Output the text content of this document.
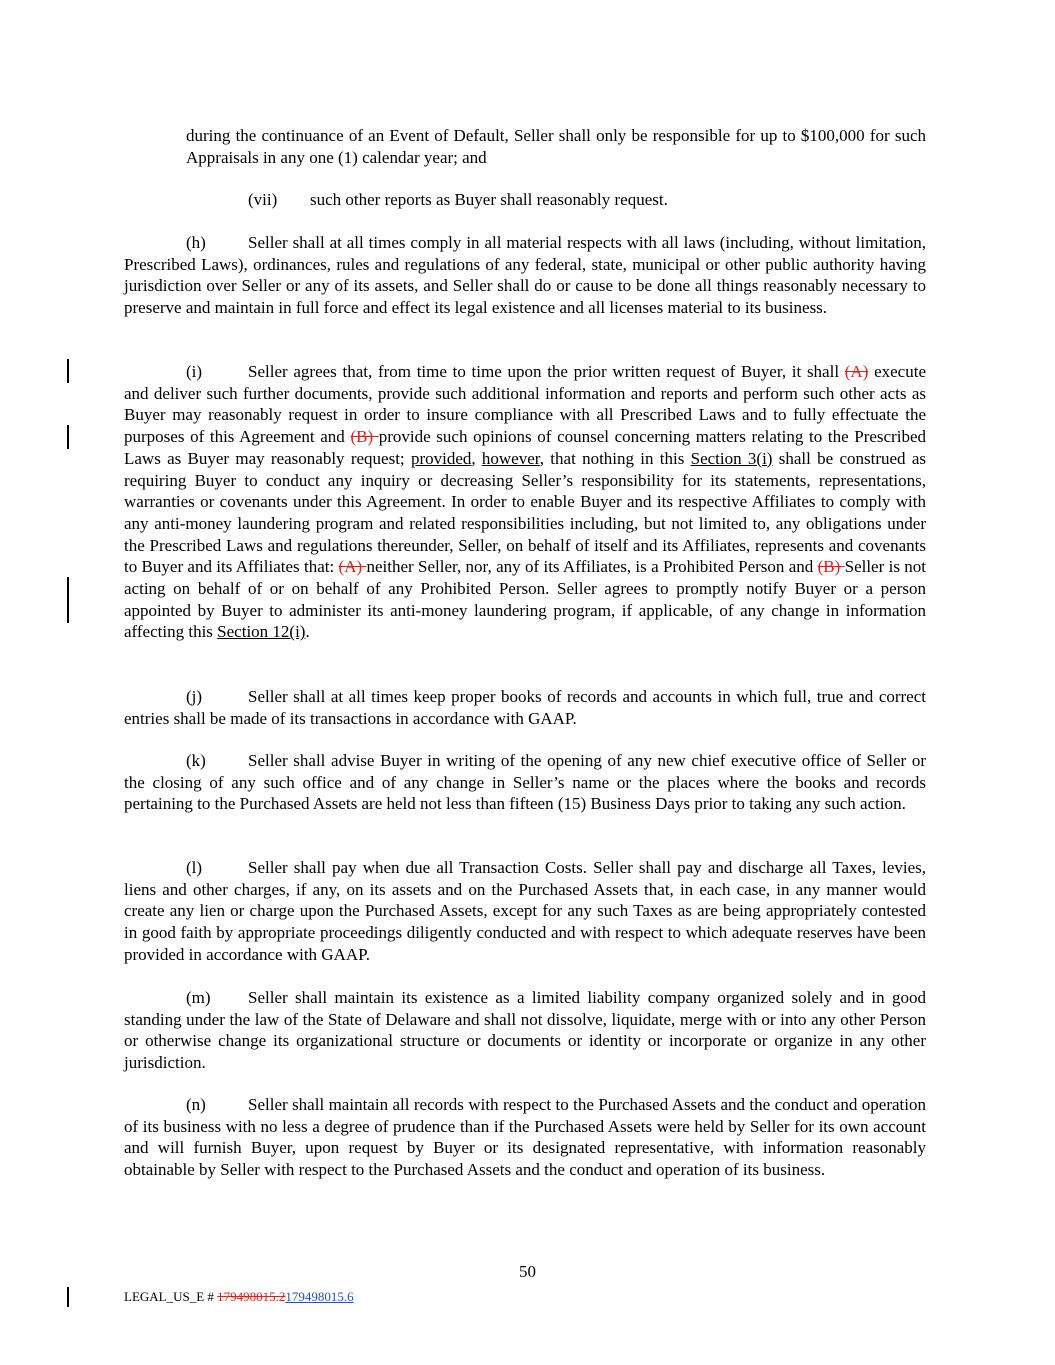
during the continuance of an Event of Default, Seller shall only be responsible for up to $100,000 for such Appraisals in any one (1) calendar year; and

(vii) such other reports as Buyer shall reasonably request.

(h) Seller shall at all times comply in all material respects with all laws (including, without limitation, Prescribed Laws), ordinances, rules and regulations of any federal, state, municipal or other public authority having jurisdiction over Seller or any of its assets, and Seller shall do or cause to be done all things reasonably necessary to preserve and maintain in full force and effect its legal existence and all licenses material to its business.

(i)	Seller agrees that, from time to time upon the prior written request of Buyer, it shall (A) execute and deliver such further documents, provide such additional information and reports and perform such other acts as Buyer may reasonably request in order to insure compliance with all Prescribed Laws and to fully effectuate the purposes of this Agreement and (B) provide such opinions of counsel concerning matters relating to the Prescribed Laws as Buyer may reasonably request; provided, however, that nothing in this Section 3(i) shall be construed as requiring Buyer to conduct any inquiry or decreasing Seller’s responsibility for its statements, representations, warranties or covenants under this Agreement. In order to enable Buyer and its respective Affiliates to comply with any anti-money laundering program and related responsibilities including, but not limited to, any obligations under the Prescribed Laws and regulations thereunder, Seller, on behalf of itself and its Affiliates, represents and covenants to Buyer and its Affiliates that: (A) neither Seller, nor, any of its Affiliates, is a Prohibited Person and (B) Seller is not acting on behalf of or on behalf of any Prohibited Person. Seller agrees to promptly notify Buyer or a person appointed by Buyer to administer its anti-money laundering program, if applicable, of any change in information affecting this Section 12(i).

(j)	Seller shall at all times keep proper books of records and accounts in which full, true and correct entries shall be made of its transactions in accordance with GAAP.

(k) Seller shall advise Buyer in writing of the opening of any new chief executive office of Seller or the closing of any such office and of any change in Seller’s name or the places where the books and records pertaining to the Purchased Assets are held not less than fifteen (15) Business Days prior to taking any such action.

(l)	Seller shall pay when due all Transaction Costs. Seller shall pay and discharge all Taxes, levies, liens and other charges, if any, on its assets and on the Purchased Assets that, in each case, in any manner would create any lien or charge upon the Purchased Assets, except for any such Taxes as are being appropriately contested in good faith by appropriate proceedings diligently conducted and with respect to which adequate reserves have been provided in accordance with GAAP.

(m) Seller shall maintain its existence as a limited liability company organized solely and in good standing under the law of the State of Delaware and shall not dissolve, liquidate, merge with or into any other Person or otherwise change its organizational structure or documents or identity or incorporate or organize in any other jurisdiction.

(n) Seller shall maintain all records with respect to the Purchased Assets and the conduct and operation of its business with no less a degree of prudence than if the Purchased Assets were held by Seller for its own account and will furnish Buyer, upon request by Buyer or its designated representative, with information reasonably obtainable by Seller with respect to the Purchased Assets and the conduct and operation of its business.

50
LEGAL_US_E # 179498015.2179498015.6
